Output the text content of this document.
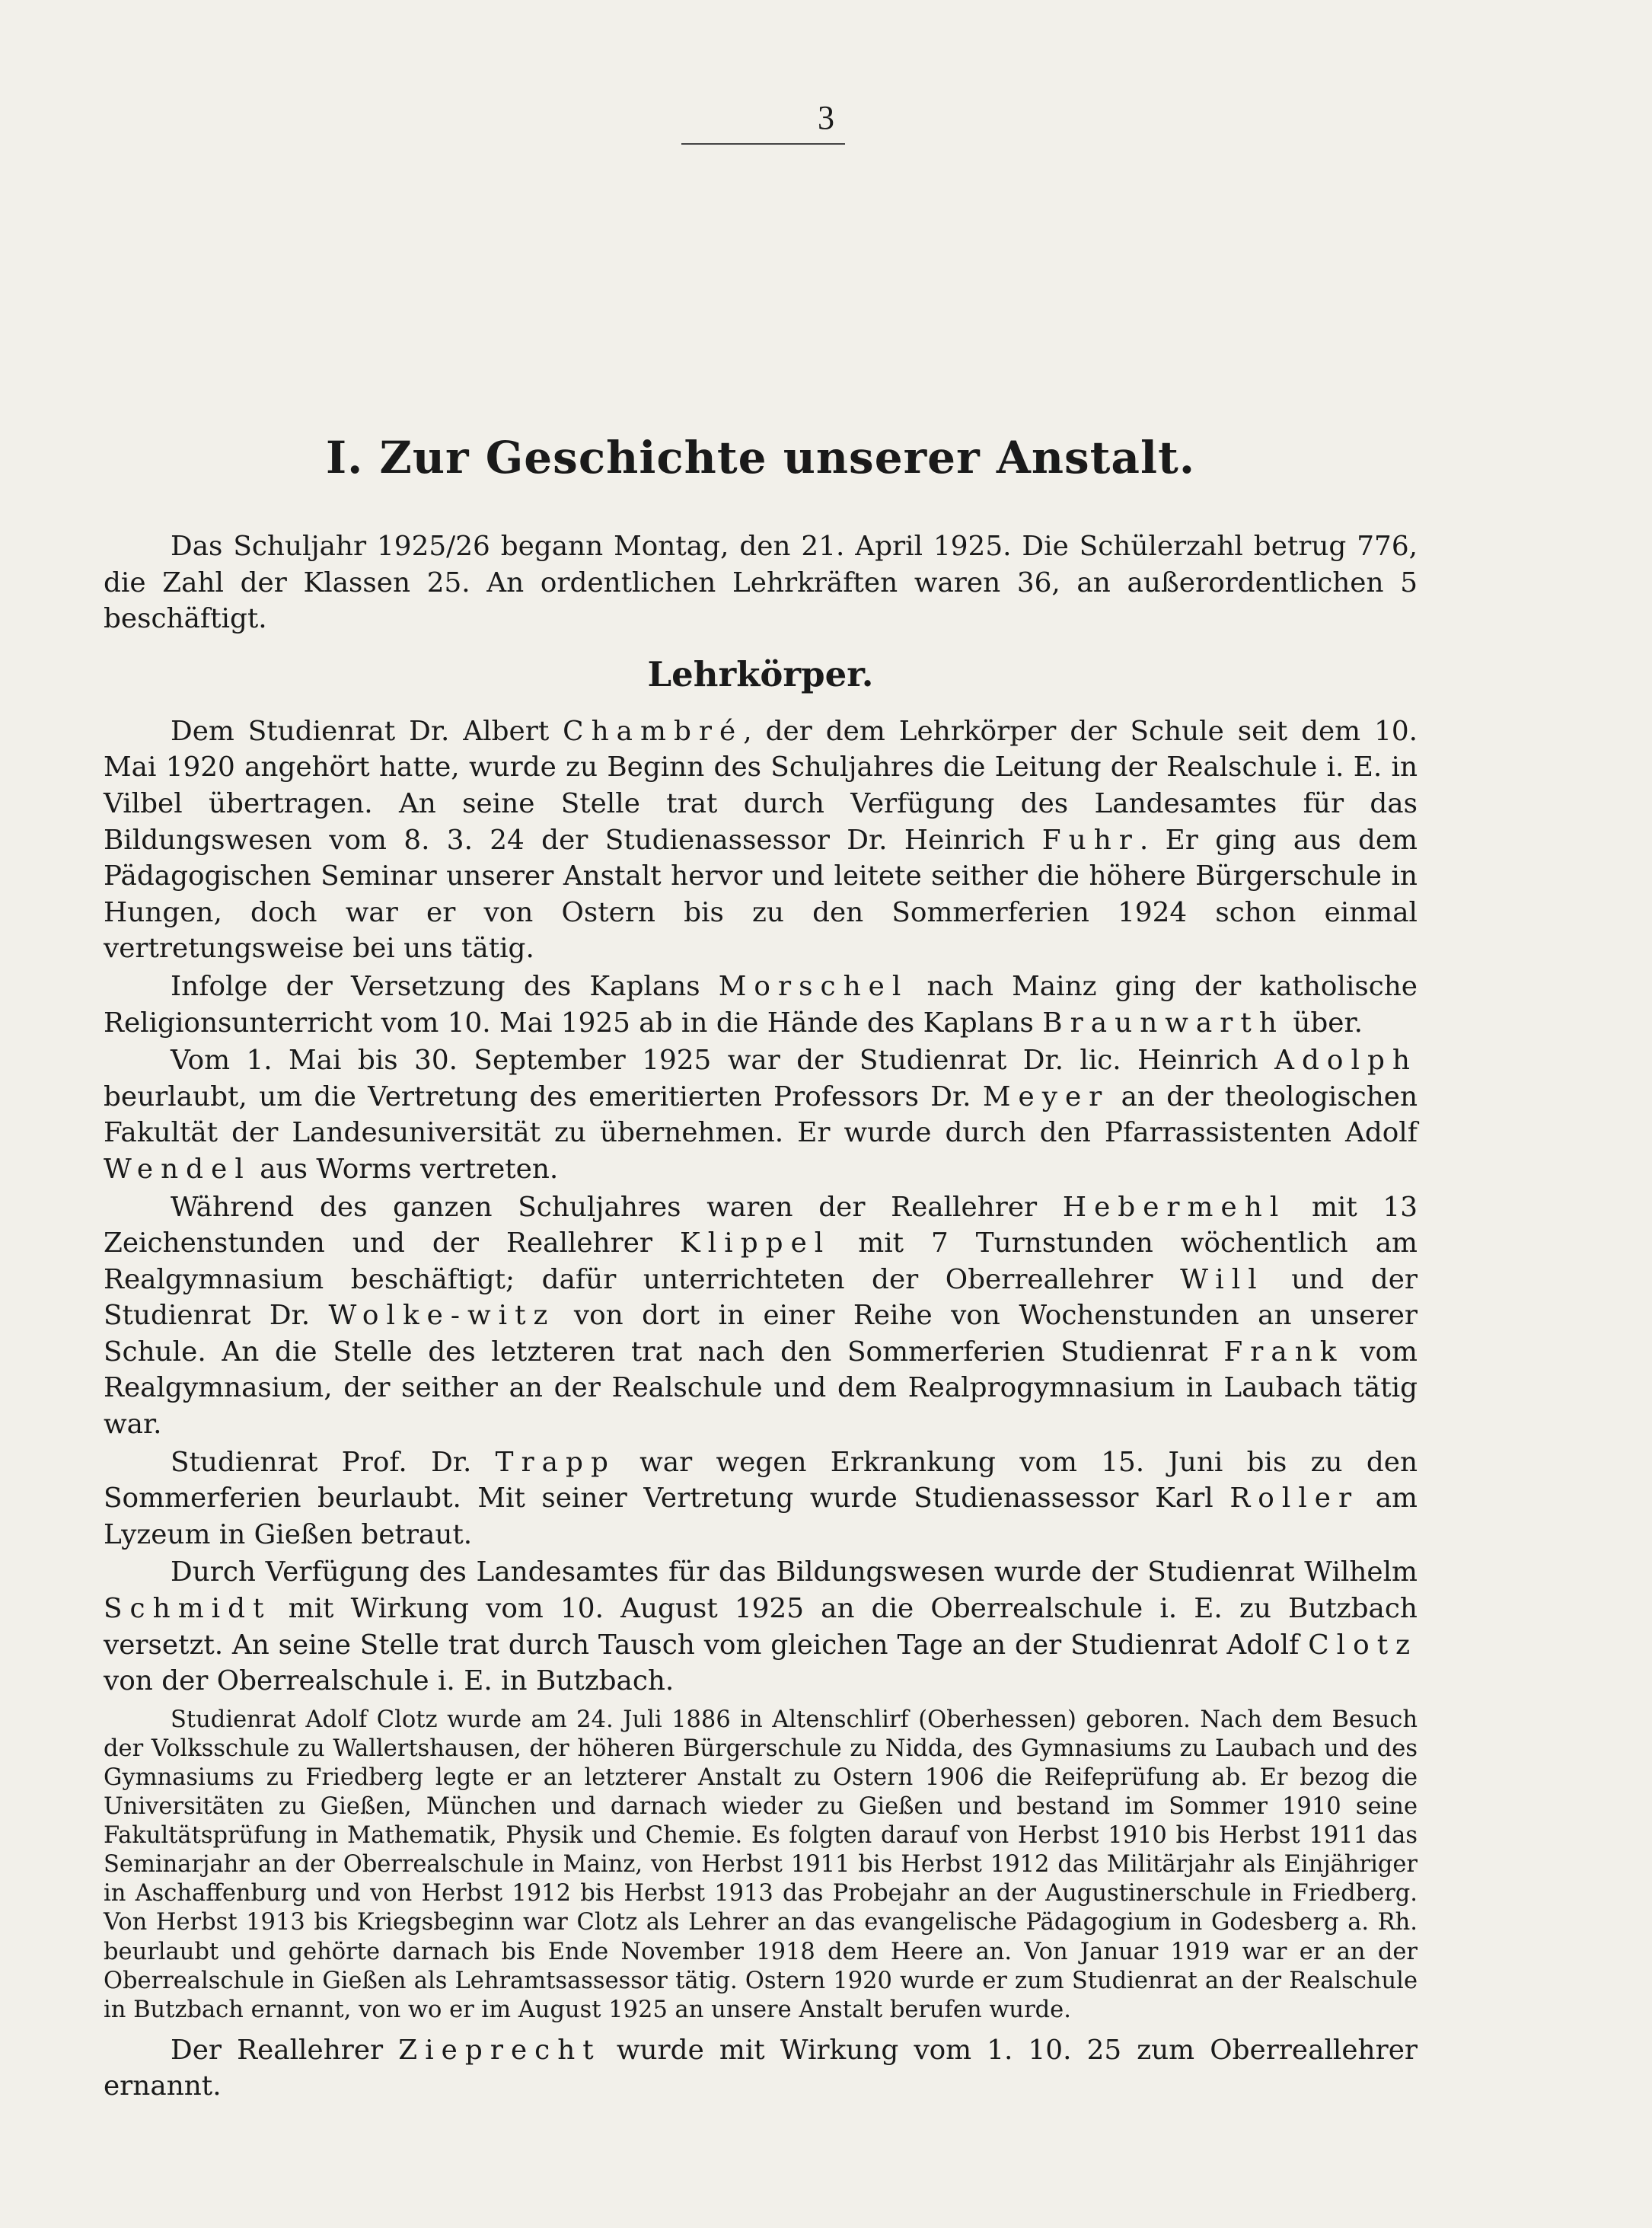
3
I. Zur Geschichte unserer Anstalt.

Das Schuljahr 1925/26 begann Montag, den 21. April 1925. Die Schülerzahl betrug 776, die Zahl der Klassen 25. An ordentlichen Lehrkräften waren 36, an außerordentlichen 5 beschäftigt.

Lehrkörper.

Dem Studienrat Dr. Albert Chambré, der dem Lehrkörper der Schule seit dem 10. Mai 1920 angehört hatte, wurde zu Beginn des Schuljahres die Leitung der Realschule i. E. in Vilbel übertragen. An seine Stelle trat durch Verfügung des Landesamtes für das Bildungswesen vom 8. 3. 24 der Studienassessor Dr. Heinrich Fuhr. Er ging aus dem Pädagogischen Seminar unserer Anstalt hervor und leitete seither die höhere Bürgerschule in Hungen, doch war er von Ostern bis zu den Sommerferien 1924 schon einmal vertretungsweise bei uns tätig.

Infolge der Versetzung des Kaplans Morschel nach Mainz ging der katholische Religionsunterricht vom 10. Mai 1925 ab in die Hände des Kaplans Braunwarth über.

Vom 1. Mai bis 30. September 1925 war der Studienrat Dr. lic. Heinrich Adolph beurlaubt, um die Vertretung des emeritierten Professors Dr. Meyer an der theologischen Fakultät der Landesuniversität zu übernehmen. Er wurde durch den Pfarrassistenten Adolf Wendel aus Worms vertreten.

Während des ganzen Schuljahres waren der Reallehrer Hebermehl mit 13 Zeichenstunden und der Reallehrer Klippel mit 7 Turnstunden wöchentlich am Realgymnasium beschäftigt; dafür unterrichteten der Oberreallehrer Will und der Studienrat Dr. Wolke-witz von dort in einer Reihe von Wochenstunden an unserer Schule. An die Stelle des letzteren trat nach den Sommerferien Studienrat Frank vom Realgymnasium, der seither an der Realschule und dem Realprogymnasium in Laubach tätig war.

Studienrat Prof. Dr. Trapp war wegen Erkrankung vom 15. Juni bis zu den Sommerferien beurlaubt. Mit seiner Vertretung wurde Studienassessor Karl Roller am Lyzeum in Gießen betraut.

Durch Verfügung des Landesamtes für das Bildungswesen wurde der Studienrat Wilhelm Schmidt mit Wirkung vom 10. August 1925 an die Oberrealschule i. E. zu Butzbach versetzt. An seine Stelle trat durch Tausch vom gleichen Tage an der Studienrat Adolf Clotz von der Oberrealschule i. E. in Butzbach.

Studienrat Adolf Clotz wurde am 24. Juli 1886 in Altenschlirf (Oberhessen) geboren. Nach dem Besuch der Volksschule zu Wallertshausen, der höheren Bürgerschule zu Nidda, des Gymnasiums zu Laubach und des Gymnasiums zu Friedberg legte er an letzterer Anstalt zu Ostern 1906 die Reifeprüfung ab. Er bezog die Universitäten zu Gießen, München und darnach wieder zu Gießen und bestand im Sommer 1910 seine Fakultätsprüfung in Mathematik, Physik und Chemie. Es folgten darauf von Herbst 1910 bis Herbst 1911 das Seminarjahr an der Oberrealschule in Mainz, von Herbst 1911 bis Herbst 1912 das Militärjahr als Einjähriger in Aschaffenburg und von Herbst 1912 bis Herbst 1913 das Probejahr an der Augustinerschule in Friedberg. Von Herbst 1913 bis Kriegsbeginn war Clotz als Lehrer an das evangelische Pädagogium in Godesberg a. Rh. beurlaubt und gehörte darnach bis Ende November 1918 dem Heere an. Von Januar 1919 war er an der Oberrealschule in Gießen als Lehramtsassessor tätig. Ostern 1920 wurde er zum Studienrat an der Realschule in Butzbach ernannt, von wo er im August 1925 an unsere Anstalt berufen wurde.

Der Reallehrer Zieprecht wurde mit Wirkung vom 1. 10. 25 zum Oberreallehrer ernannt.
